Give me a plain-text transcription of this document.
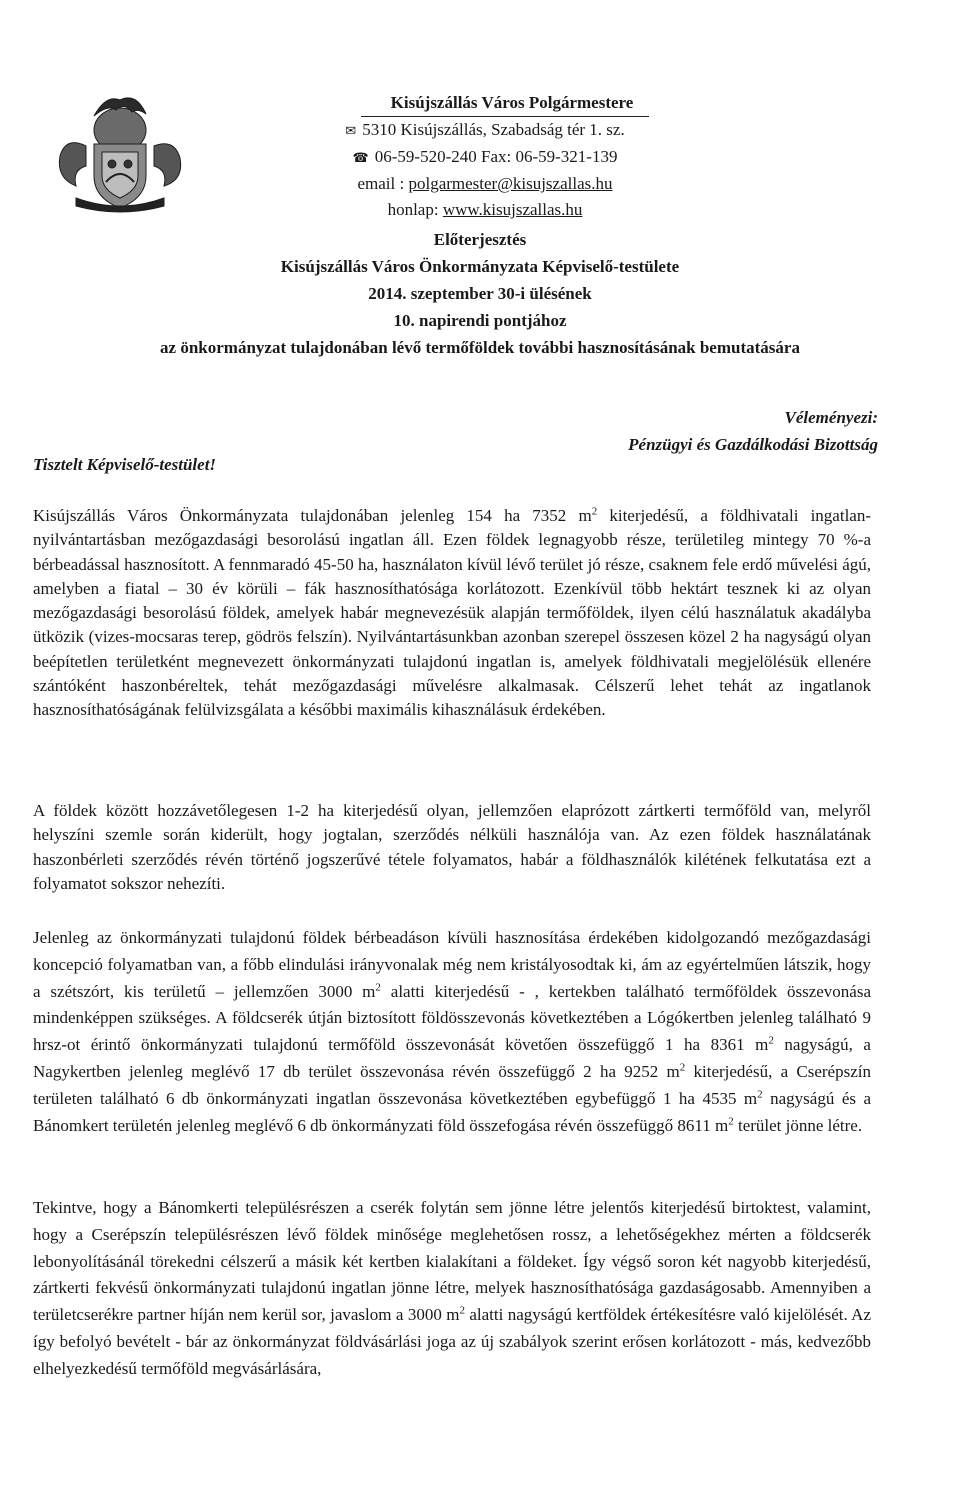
Kisújszállás Város Polgármestere
✉ 5310 Kisújszállás, Szabadság tér 1. sz.
☎ 06-59-520-240 Fax: 06-59-321-139
email : polgarmester@kisujszallas.hu
honlap: www.kisujszallas.hu
Előterjesztés
Kisújszállás Város Önkormányzata Képviselő-testülete
2014. szeptember 30-i ülésének
10. napirendi pontjához
az önkormányzat tulajdonában lévő termőföldek további hasznosításának bemutatására
Véleményezi:
Pénzügyi és Gazdálkodási Bizottság
Tisztelt Képviselő-testület!
Kisújszállás Város Önkormányzata tulajdonában jelenleg 154 ha 7352 $m^2$ kiterjedésű, a földhivatali ingatlan-nyilvántartásban mezőgazdasági besorolású ingatlan áll. Ezen földek legnagyobb része, területileg mintegy 70 %-a bérbeadással hasznosított. A fennmaradó 45-50 ha, használaton kívül lévő terület jó része, csaknem fele erdő művelési ágú, amelyben a fiatal – 30 év körüli – fák hasznosíthatósága korlátozott. Ezenkívül több hektárt tesznek ki az olyan mezőgazdasági besorolású földek, amelyek habár megnevezésük alapján termőföldek, ilyen célú használatuk akadályba ütközik (vizes-mocsaras terep, gödrös felszín). Nyilvántartásunkban azonban szerepel összesen közel 2 ha nagyságú olyan beépítetlen területként megnevezett önkormányzati tulajdonú ingatlan is, amelyek földhivatali megjelölésük ellenére szántóként haszonbéreltek, tehát mezőgazdasági művelésre alkalmasak. Célszerű lehet tehát az ingatlanok hasznosíthatóságának felülvizsgálata a későbbi maximális kihasználásuk érdekében.
A földek között hozzávetőlegesen 1-2 ha kiterjedésű olyan, jellemzően elaprózott zártkerti termőföld van, melyről helyszíni szemle során kiderült, hogy jogtalan, szerződés nélküli használója van. Az ezen földek használatának haszonbérleti szerződés révén történő jogszerűvé tétele folyamatos, habár a földhasználók kilétének felkutatása ezt a folyamatot sokszor nehezíti.
Jelenleg az önkormányzati tulajdonú földek bérbeadáson kívüli hasznosítása érdekében kidolgozandó mezőgazdasági koncepció folyamatban van, a főbb elindulási irányvonalak még nem kristályosodtak ki, ám az egyértelműen látszik, hogy a szétszórt, kis területű – jellemzően 3000 $m^2$ alatti kiterjedésű - , kertekben található termőföldek összevonása mindenképpen szükséges. A földcserék útján biztosított földösszevonás következtében a Lógókertben jelenleg található 9 hrsz-ot érintő önkormányzati tulajdonú termőföld összevonását követően összefüggő 1 ha 8361 $m^2$ nagyságú, a Nagykertben jelenleg meglévő 17 db terület összevonása révén összefüggő 2 ha 9252 $m^2$ kiterjedésű, a Cserépszín területen található 6 db önkormányzati ingatlan összevonása következtében egybefüggő 1 ha 4535 $m^2$ nagyságú és a Bánomkert területén jelenleg meglévő 6 db önkormányzati föld összefogása révén összefüggő 8611 $m^2$ terület jönne létre.
Tekintve, hogy a Bánomkerti településrészen a cserék folytán sem jönne létre jelentős kiterjedésű birtoktest, valamint, hogy a Cserépszín településrészen lévő földek minősége meglehetősen rossz, a lehetőségekhez mérten a földcserék lebonyolításánál törekedni célszerű a másik két kertben kialakítani a földeket. Így végső soron két nagyobb kiterjedésű, zártkerti fekvésű önkormányzati tulajdonú ingatlan jönne létre, melyek hasznosíthatósága gazdaságosabb. Amennyiben a területcserékre partner híján nem kerül sor, javaslom a 3000 $m^2$ alatti nagyságú kertföldek értékesítésre való kijelölését. Az így befolyó bevételt - bár az önkormányzat földvásárlási joga az új szabályok szerint erősen korlátozott - más, kedvezőbb elhelyezkedésű termőföld megvásárlására,
